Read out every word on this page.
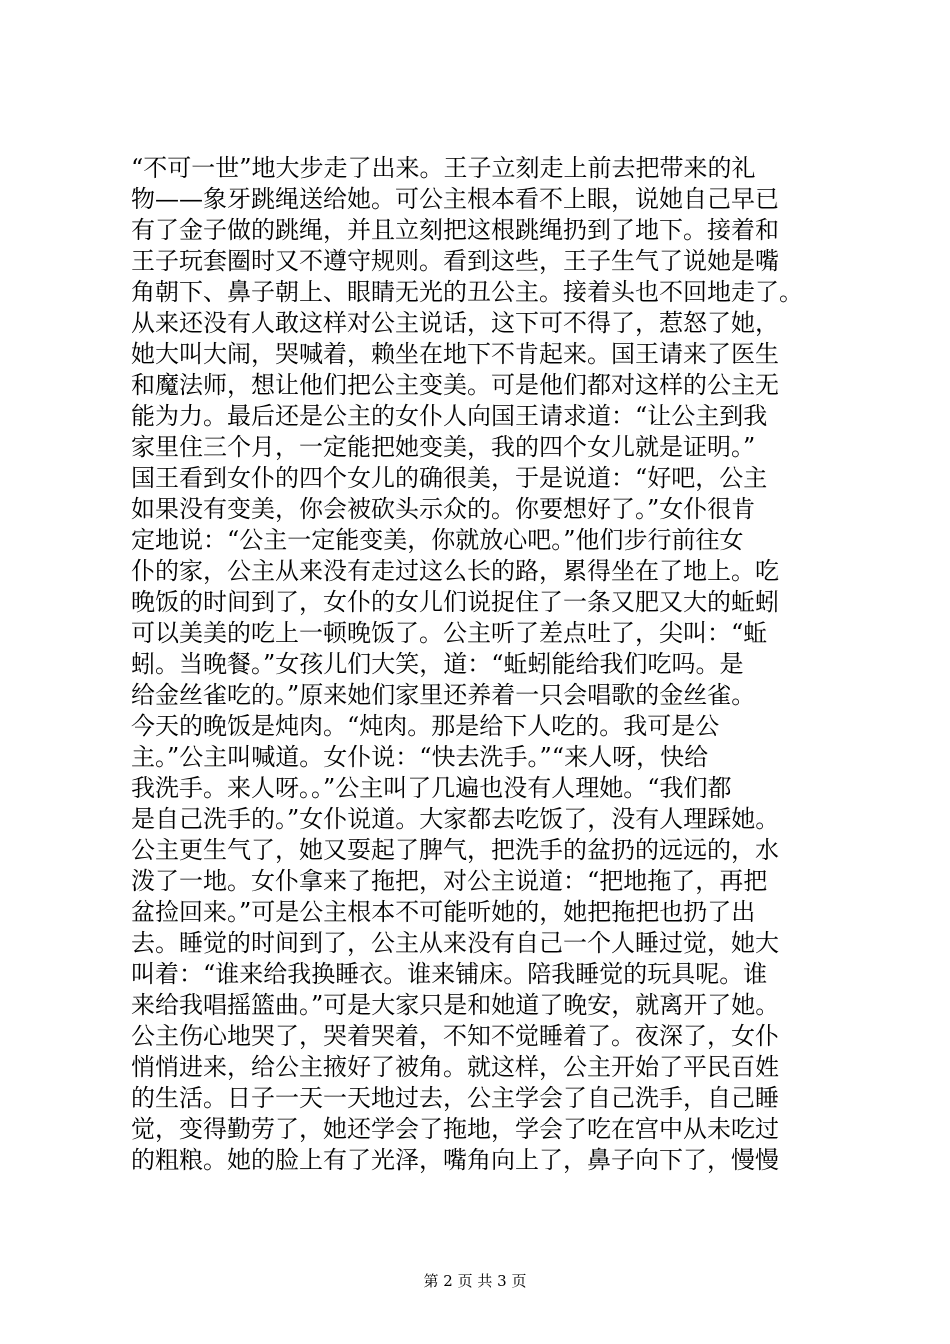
“不可一世”地大步走了出来。王子立刻走上前去把带来的礼
物——象牙跳绳送给她。可公主根本看不上眼，说她自己早已
有了金子做的跳绳，并且立刻把这根跳绳扔到了地下。接着和
王子玩套圈时又不遵守规则。看到这些，王子生气了说她是嘴
角朝下、鼻子朝上、眼睛无光的丑公主。接着头也不回地走了。
从来还没有人敢这样对公主说话，这下可不得了，惹怒了她，
她大叫大闹，哭喊着，赖坐在地下不肯起来。国王请来了医生
和魔法师，想让他们把公主变美。可是他们都对这样的公主无
能为力。最后还是公主的女仆人向国王请求道：“让公主到我
家里住三个月，一定能把她变美，我的四个女儿就是证明。”
国王看到女仆的四个女儿的确很美，于是说道：“好吧，公主
如果没有变美，你会被砍头示众的。你要想好了。”女仆很肯
定地说：“公主一定能变美，你就放心吧。”他们步行前往女
仆的家，公主从来没有走过这么长的路，累得坐在了地上。吃
晚饭的时间到了，女仆的女儿们说捉住了一条又肥又大的蚯蚓
可以美美的吃上一顿晚饭了。公主听了差点吐了，尖叫：“蚯
蚓。当晚餐。”女孩儿们大笑，道：“蚯蚓能给我们吃吗。是
给金丝雀吃的。”原来她们家里还养着一只会唱歌的金丝雀。
今天的晚饭是炖肉。“炖肉。那是给下人吃的。我可是公
主。”公主叫喊道。女仆说：“快去洗手。”“来人呀，快给
我洗手。来人呀。。”公主叫了几遍也没有人理她。“我们都
是自己洗手的。”女仆说道。大家都去吃饭了，没有人理踩她。
公主更生气了，她又耍起了脾气，把洗手的盆扔的远远的，水
泼了一地。女仆拿来了拖把，对公主说道：“把地拖了，再把
盆捡回来。”可是公主根本不可能听她的，她把拖把也扔了出
去。睡觉的时间到了，公主从来没有自己一个人睡过觉，她大
叫着：“谁来给我换睡衣。谁来铺床。陪我睡觉的玩具呢。谁
来给我唱摇篮曲。”可是大家只是和她道了晚安，就离开了她。
公主伤心地哭了，哭着哭着，不知不觉睡着了。夜深了，女仆
悄悄进来，给公主掖好了被角。就这样，公主开始了平民百姓
的生活。日子一天一天地过去，公主学会了自己洗手，自己睡
觉，变得勤劳了，她还学会了拖地，学会了吃在宫中从未吃过
的粗粮。她的脸上有了光泽，嘴角向上了，鼻子向下了，慢慢
第 2 页 共 3 页
